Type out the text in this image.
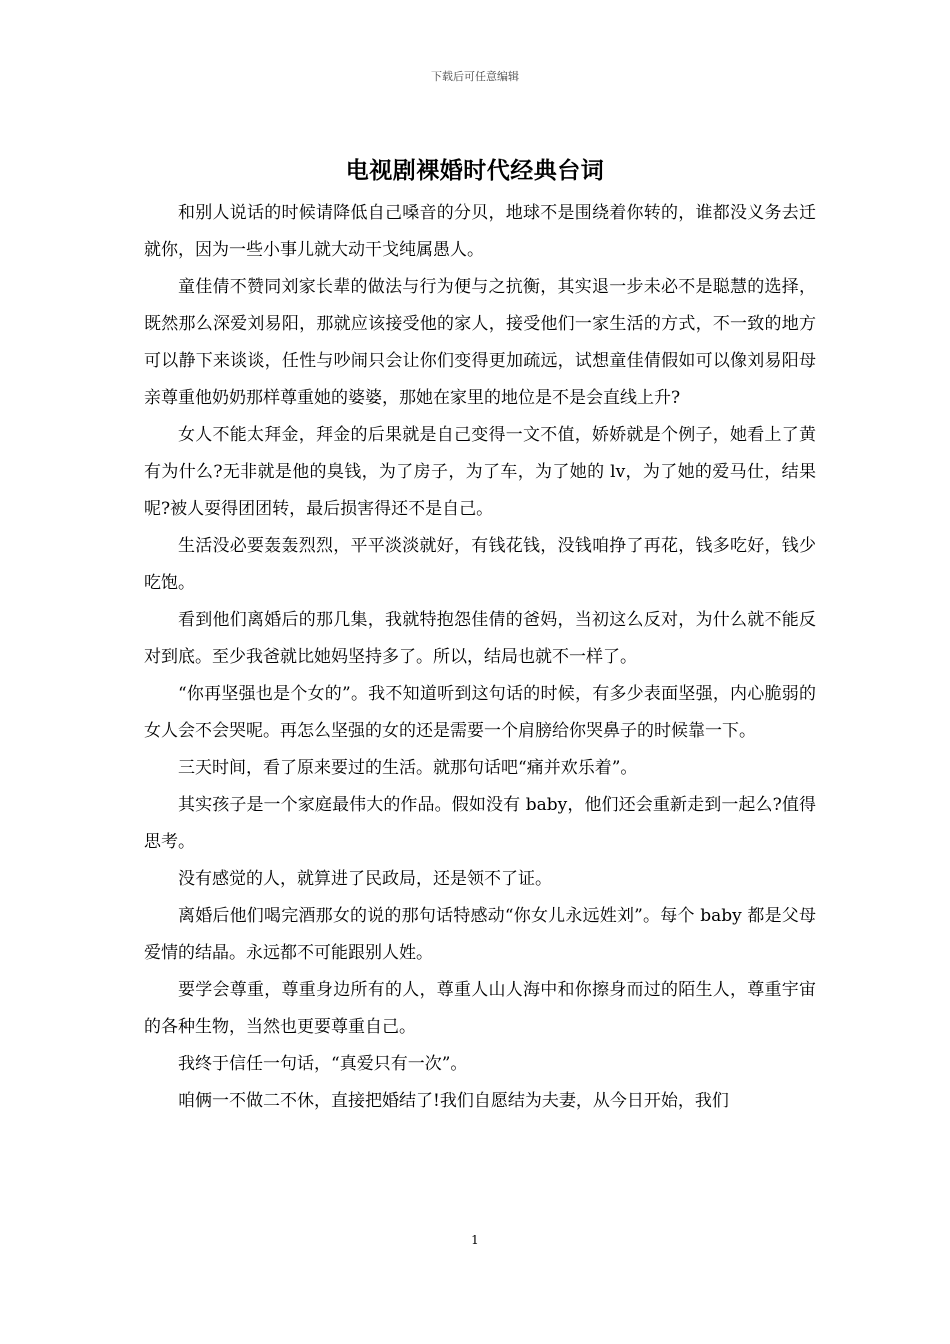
下载后可任意编辑
电视剧裸婚时代经典台词

和别人说话的时候请降低自己嗓音的分贝，地球不是围绕着你转的，谁都没义务去迁就你，因为一些小事儿就大动干戈纯属愚人。

童佳倩不赞同刘家长辈的做法与行为便与之抗衡，其实退一步未必不是聪慧的选择，既然那么深爱刘易阳，那就应该接受他的家人，接受他们一家生活的方式，不一致的地方可以静下来谈谈，任性与吵闹只会让你们变得更加疏远，试想童佳倩假如可以像刘易阳母亲尊重他奶奶那样尊重她的婆婆，那她在家里的地位是不是会直线上升?

女人不能太拜金，拜金的后果就是自己变得一文不值，娇娇就是个例子，她看上了黄有为什么?无非就是他的臭钱，为了房子，为了车，为了她的 lv，为了她的爱马仕，结果呢?被人耍得团团转，最后损害得还不是自己。

生活没必要轰轰烈烈，平平淡淡就好，有钱花钱，没钱咱挣了再花，钱多吃好，钱少吃饱。

看到他们离婚后的那几集，我就特抱怨佳倩的爸妈，当初这么反对，为什么就不能反对到底。至少我爸就比她妈坚持多了。所以，结局也就不一样了。

“你再坚强也是个女的”。我不知道听到这句话的时候，有多少表面坚强，内心脆弱的女人会不会哭呢。再怎么坚强的女的还是需要一个肩膀给你哭鼻子的时候靠一下。

三天时间，看了原来要过的生活。就那句话吧“痛并欢乐着”。

其实孩子是一个家庭最伟大的作品。假如没有 baby，他们还会重新走到一起么?值得思考。

没有感觉的人，就算进了民政局，还是领不了证。

离婚后他们喝完酒那女的说的那句话特感动“你女儿永远姓刘”。每个 baby 都是父母爱情的结晶。永远都不可能跟别人姓。

要学会尊重，尊重身边所有的人，尊重人山人海中和你擦身而过的陌生人，尊重宇宙的各种生物，当然也更要尊重自己。

我终于信任一句话，“真爱只有一次”。

咱俩一不做二不休，直接把婚结了!我们自愿结为夫妻，从今日开始，我们

1
